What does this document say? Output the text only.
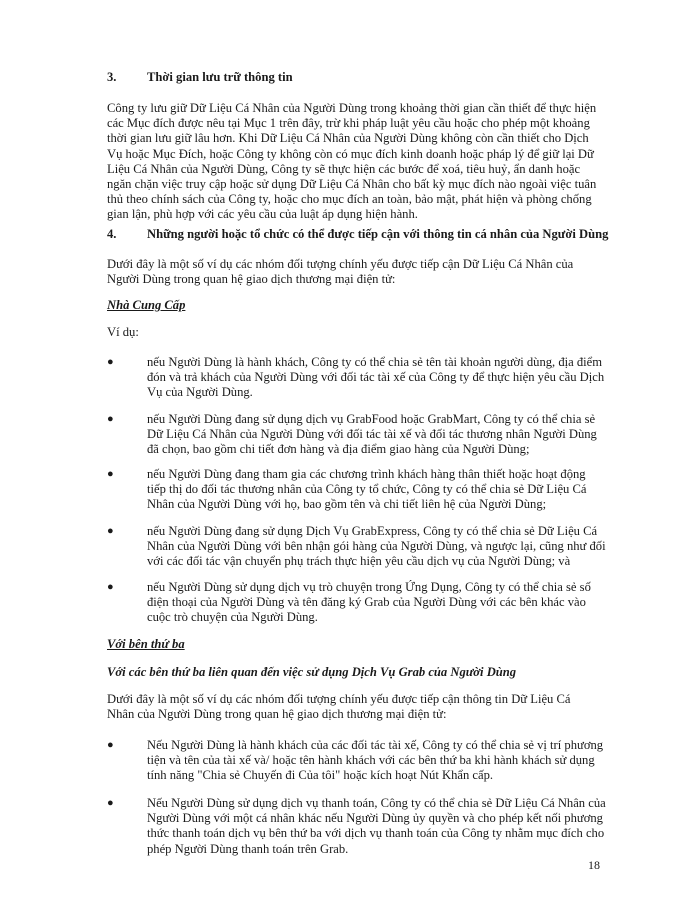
3. Thời gian lưu trữ thông tin
Công ty lưu giữ Dữ Liệu Cá Nhân của Người Dùng trong khoảng thời gian cần thiết để thực hiện các Mục đích được nêu tại Mục 1 trên đây, trừ khi pháp luật yêu cầu hoặc cho phép một khoảng thời gian lưu giữ lâu hơn. Khi Dữ Liệu Cá Nhân của Người Dùng không còn cần thiết cho Dịch Vụ hoặc Mục Đích, hoặc Công ty không còn có mục đích kinh doanh hoặc pháp lý để giữ lại Dữ Liệu Cá Nhân của Người Dùng, Công ty sẽ thực hiện các bước để xoá, tiêu huỷ, ẩn danh hoặc ngăn chặn việc truy cập hoặc sử dụng Dữ Liệu Cá Nhân cho bất kỳ mục đích nào ngoài việc tuân thủ theo chính sách của Công ty, hoặc cho mục đích an toàn, bảo mật, phát hiện và phòng chống gian lận, phù hợp với các yêu cầu của luật áp dụng hiện hành.
4. Những người hoặc tổ chức có thể được tiếp cận với thông tin cá nhân của Người Dùng
Dưới đây là một số ví dụ các nhóm đối tượng chính yếu được tiếp cận Dữ Liệu Cá Nhân của Người Dùng trong quan hệ giao dịch thương mại điện tử:
Nhà Cung Cấp
Ví dụ:
●	nếu Người Dùng là hành khách, Công ty có thể chia sẻ tên tài khoản người dùng, địa điểm đón và trả khách của Người Dùng với đối tác tài xế của Công ty để thực hiện yêu cầu Dịch Vụ của Người Dùng.
●	nếu Người Dùng đang sử dụng dịch vụ GrabFood hoặc GrabMart, Công ty có thể chia sẻ Dữ Liệu Cá Nhân của Người Dùng với đối tác tài xế và đối tác thương nhân Người Dùng đã chọn, bao gồm chi tiết đơn hàng và địa điểm giao hàng của Người Dùng;
●	nếu Người Dùng đang tham gia các chương trình khách hàng thân thiết hoặc hoạt động tiếp thị do đối tác thương nhân của Công ty tổ chức, Công ty có thể chia sẻ Dữ Liệu Cá Nhân của Người Dùng với họ, bao gồm tên và chi tiết liên hệ của Người Dùng;
●	nếu Người Dùng đang sử dụng Dịch Vụ GrabExpress, Công ty có thể chia sẻ Dữ Liệu Cá Nhân của Người Dùng với bên nhận gói hàng của Người Dùng, và ngược lại, cũng như đối với các đối tác vận chuyển phụ trách thực hiện yêu cầu dịch vụ của Người Dùng; và
●	nếu Người Dùng sử dụng dịch vụ trò chuyện trong Ứng Dụng, Công ty có thể chia sẻ số điện thoại của Người Dùng và tên đăng ký Grab của Người Dùng với các bên khác vào cuộc trò chuyện của Người Dùng.
Với bên thứ ba
Với các bên thứ ba liên quan đến việc sử dụng Dịch Vụ Grab của Người Dùng
Dưới đây là một số ví dụ các nhóm đối tượng chính yếu được tiếp cận thông tin Dữ Liệu Cá Nhân của Người Dùng trong quan hệ giao dịch thương mại điện tử:
●	Nếu Người Dùng là hành khách của các đối tác tài xế, Công ty có thể chia sẻ vị trí phương tiện và tên của tài xế và/ hoặc tên hành khách với các bên thứ ba khi hành khách sử dụng tính năng "Chia sẻ Chuyến đi Của tôi" hoặc kích hoạt Nút Khẩn cấp.
●	Nếu Người Dùng sử dụng dịch vụ thanh toán, Công ty có thể chia sẻ Dữ Liệu Cá Nhân của Người Dùng với một cá nhân khác nếu Người Dùng ủy quyền và cho phép kết nối phương thức thanh toán dịch vụ bên thứ ba với dịch vụ thanh toán của Công ty nhằm mục đích cho phép Người Dùng thanh toán trên Grab.
18
